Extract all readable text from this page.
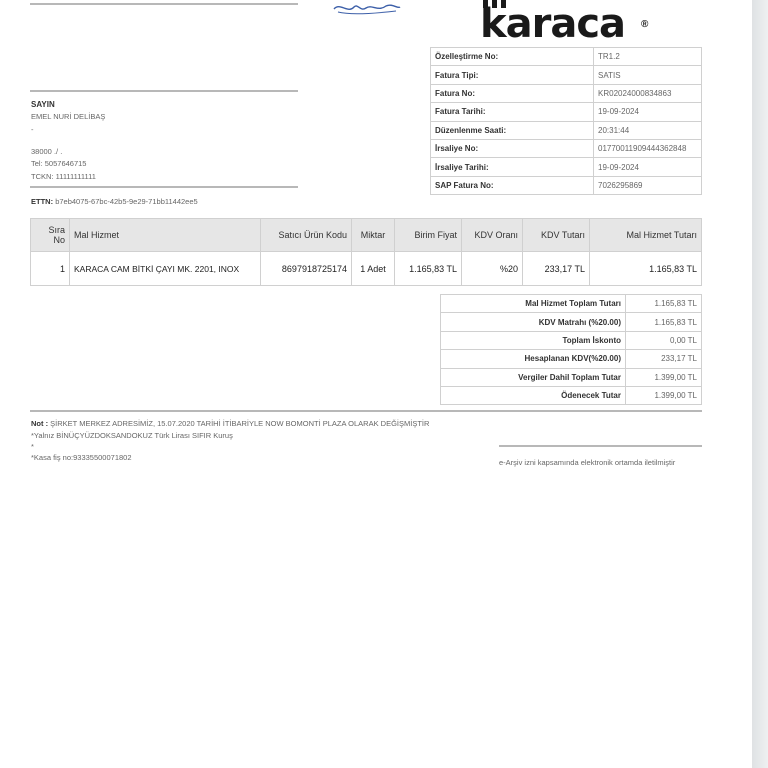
karaca ®
SAYIN
EMEL NURİ DELİBAŞ
-
38000 ./ .
Tel: 5057646715
TCKN: 11111111111
ETTN: b7eb4075-67bc-42b5-9e29-71bb11442ee5
Özelleştirme No:	TR1.2
Fatura Tipi:	SATIS
Fatura No:	KR02024000834863
Fatura Tarihi:	19-09-2024
Düzenlenme Saati:	20:31:44
İrsaliye No:	01770011909444362848
İrsaliye Tarihi:	19-09-2024
SAP Fatura No:	7026295869
Sıra No	Mal Hizmet	Satıcı Ürün Kodu	Miktar	Birim Fiyat	KDV Oranı	KDV Tutarı	Mal Hizmet Tutarı
1	KARACA CAM BİTKİ ÇAYI MK. 2201, INOX	8697918725174	1 Adet	1.165,83 TL	%20	233,17 TL	1.165,83 TL
Mal Hizmet Toplam Tutarı	1.165,83 TL
KDV Matrahı (%20.00)	1.165,83 TL
Toplam İskonto	0,00 TL
Hesaplanan KDV(%20.00)	233,17 TL
Vergiler Dahil Toplam Tutar	1.399,00 TL
Ödenecek Tutar	1.399,00 TL
Not : ŞİRKET MERKEZ ADRESİMİZ, 15.07.2020 TARİHİ İTİBARİYLE NOW BOMONTİ PLAZA OLARAK DEĞİŞMİŞTİR
*Yalnız BİNÜÇYÜZDOKSANDOKUZ Türk Lirası SIFIR Kuruş
*
*Kasa fiş no:93335500071802
e-Arşiv izni kapsamında elektronik ortamda iletilmiştir
